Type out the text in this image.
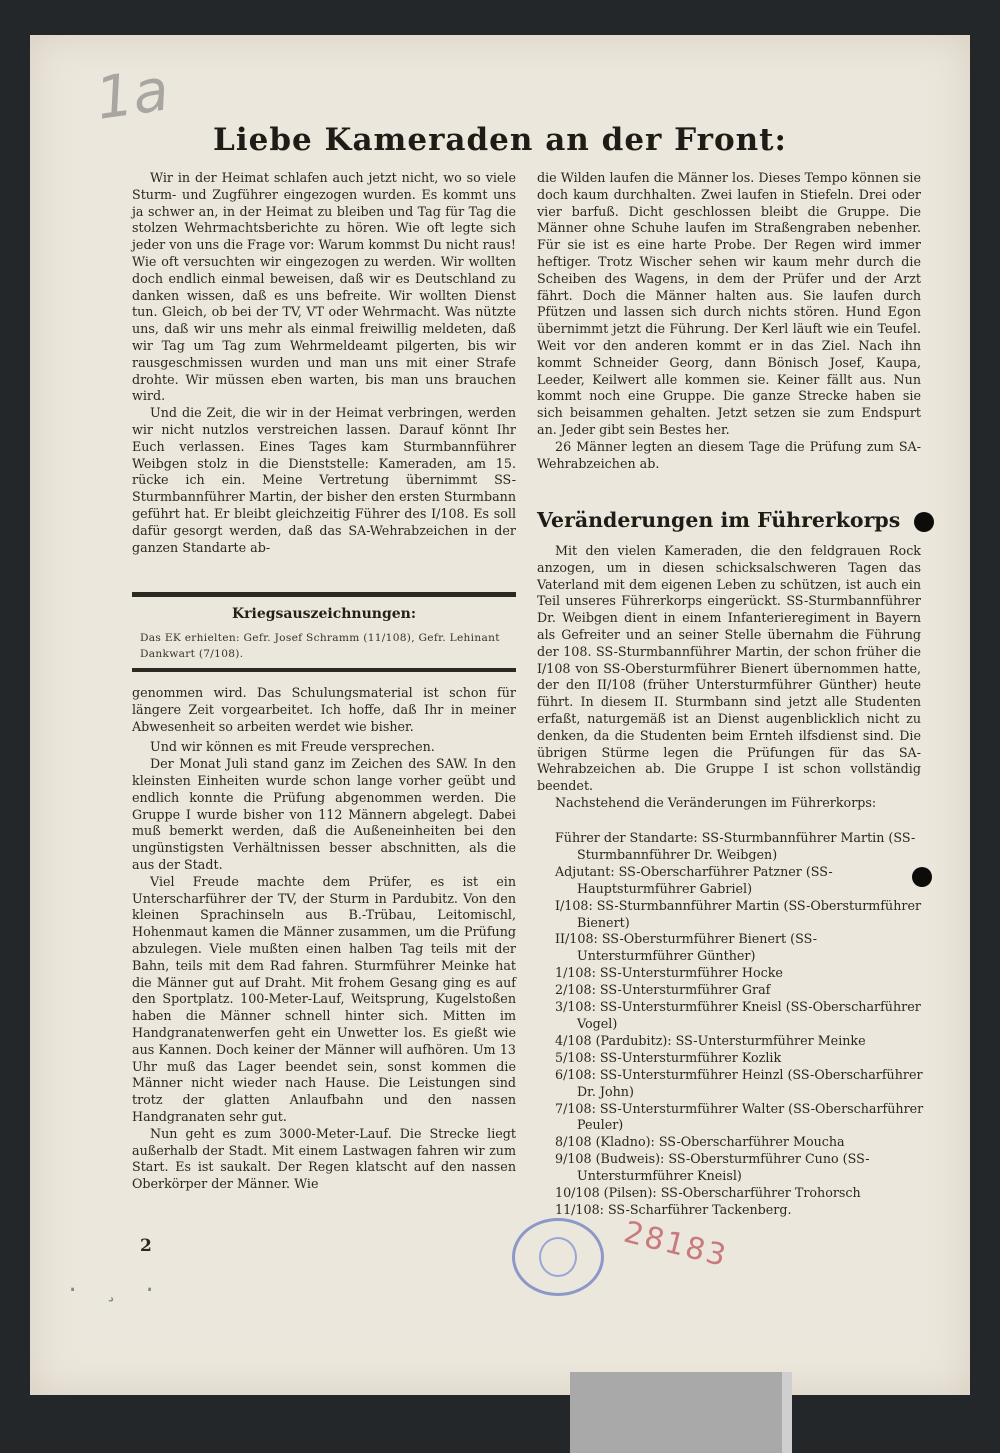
1a
Liebe Kameraden an der Front:

Wir in der Heimat schlafen auch jetzt nicht, wo so viele Sturm- und Zugführer eingezogen wurden. Es kommt uns ja schwer an, in der Heimat zu bleiben und Tag für Tag die stolzen Wehrmachtsberichte zu hören. Wie oft legte sich jeder von uns die Frage vor: Warum kommst Du nicht raus! Wie oft versuchten wir eingezogen zu werden. Wir wollten doch endlich einmal beweisen, daß wir es Deutschland zu danken wissen, daß es uns befreite. Wir wollten Dienst tun. Gleich, ob bei der TV, VT oder Wehrmacht. Was nützte uns, daß wir uns mehr als einmal freiwillig meldeten, daß wir Tag um Tag zum Wehrmeldeamt pilgerten, bis wir rausgeschmissen wurden und man uns mit einer Strafe drohte. Wir müssen eben warten, bis man uns brauchen wird.

Und die Zeit, die wir in der Heimat verbringen, werden wir nicht nutzlos verstreichen lassen. Darauf könnt Ihr Euch verlassen. Eines Tages kam Sturmbannführer Weibgen stolz in die Dienststelle: Kameraden, am 15. rücke ich ein. Meine Vertretung übernimmt SS-Sturmbannführer Martin, der bisher den ersten Sturmbann geführt hat. Er bleibt gleichzeitig Führer des I/108. Es soll dafür gesorgt werden, daß das SA-Wehrabzeichen in der ganzen Standarte ab-

Kriegsauszeichnungen:
Das EK erhielten: Gefr. Josef Schramm (11/108), Gefr. Lehinant Dankwart (7/108).

genommen wird. Das Schulungsmaterial ist schon für längere Zeit vorgearbeitet. Ich hoffe, daß Ihr in meiner Abwesenheit so arbeiten werdet wie bisher.

Und wir können es mit Freude versprechen.

Der Monat Juli stand ganz im Zeichen des SAW. In den kleinsten Einheiten wurde schon lange vorher geübt und endlich konnte die Prüfung abgenommen werden. Die Gruppe I wurde bisher von 112 Männern abgelegt. Dabei muß bemerkt werden, daß die Außeneinheiten bei den ungünstigsten Verhältnissen besser abschnitten, als die aus der Stadt.

Viel Freude machte dem Prüfer, es ist ein Unterscharführer der TV, der Sturm in Pardubitz. Von den kleinen Sprachinseln aus B.-Trübau, Leitomischl, Hohenmaut kamen die Männer zusammen, um die Prüfung abzulegen. Viele mußten einen halben Tag teils mit der Bahn, teils mit dem Rad fahren. Sturmführer Meinke hat die Männer gut auf Draht. Mit frohem Gesang ging es auf den Sportplatz. 100-Meter-Lauf, Weitsprung, Kugelstoßen haben die Männer schnell hinter sich. Mitten im Handgranatenwerfen geht ein Unwetter los. Es gießt wie aus Kannen. Doch keiner der Männer will aufhören. Um 13 Uhr muß das Lager beendet sein, sonst kommen die Männer nicht wieder nach Hause. Die Leistungen sind trotz der glatten Anlaufbahn und den nassen Handgranaten sehr gut.

Nun geht es zum 3000-Meter-Lauf. Die Strecke liegt außerhalb der Stadt. Mit einem Lastwagen fahren wir zum Start. Es ist saukalt. Der Regen klatscht auf den nassen Oberkörper der Männer. Wie

die Wilden laufen die Männer los. Dieses Tempo können sie doch kaum durchhalten. Zwei laufen in Stiefeln. Drei oder vier barfuß. Dicht geschlossen bleibt die Gruppe. Die Männer ohne Schuhe laufen im Straßengraben nebenher. Für sie ist es eine harte Probe. Der Regen wird immer heftiger. Trotz Wischer sehen wir kaum mehr durch die Scheiben des Wagens, in dem der Prüfer und der Arzt fährt. Doch die Männer halten aus. Sie laufen durch Pfützen und lassen sich durch nichts stören. Hund Egon übernimmt jetzt die Führung. Der Kerl läuft wie ein Teufel. Weit vor den anderen kommt er in das Ziel. Nach ihn kommt Schneider Georg, dann Bönisch Josef, Kaupa, Leeder, Keilwert alle kommen sie. Keiner fällt aus. Nun kommt noch eine Gruppe. Die ganze Strecke haben sie sich beisammen gehalten. Jetzt setzen sie zum Endspurt an. Jeder gibt sein Bestes her.

26 Männer legten an diesem Tage die Prüfung zum SA-Wehrabzeichen ab.

Veränderungen im Führerkorps

Mit den vielen Kameraden, die den feldgrauen Rock anzogen, um in diesen schicksalschweren Tagen das Vaterland mit dem eigenen Leben zu schützen, ist auch ein Teil unseres Führerkorps eingerückt. SS-Sturmbannführer Dr. Weibgen dient in einem Infanterieregiment in Bayern als Gefreiter und an seiner Stelle übernahm die Führung der 108. SS-Sturmbannführer Martin, der schon früher die I/108 von SS-Obersturmführer Bienert übernommen hatte, der den II/108 (früher Untersturmführer Günther) heute führt. In diesem II. Sturmbann sind jetzt alle Studenten erfaßt, naturgemäß ist an Dienst augenblicklich nicht zu denken, da die Studenten beim Ernteh ilfsdienst sind. Die übrigen Stürme legen die Prüfungen für das SA-Wehrabzeichen ab. Die Gruppe I ist schon vollständig beendet.

Nachstehend die Veränderungen im Führerkorps:

Führer der Standarte: SS-Sturmbannführer Martin (SS-Sturmbannführer Dr. Weibgen)
Adjutant: SS-Oberscharführer Patzner (SS-Hauptsturmführer Gabriel)
I/108: SS-Sturmbannführer Martin (SS-Obersturmführer Bienert)
II/108: SS-Obersturmführer Bienert (SS-Untersturmführer Günther)
1/108: SS-Untersturmführer Hocke
2/108: SS-Untersturmführer Graf
3/108: SS-Untersturmführer Kneisl (SS-Oberscharführer Vogel)
4/108 (Pardubitz): SS-Untersturmführer Meinke
5/108: SS-Untersturmführer Kozlik
6/108: SS-Untersturmführer Heinzl (SS-Oberscharführer Dr. John)
7/108: SS-Untersturmführer Walter (SS-Oberscharführer Peuler)
8/108 (Kladno): SS-Oberscharführer Moucha
9/108 (Budweis): SS-Obersturmführer Cuno (SS-Untersturmführer Kneisl)
10/108 (Pilsen): SS-Oberscharführer Trohorsch
11/108: SS-Scharführer Tackenberg.
2	28183
· ¸ ·
